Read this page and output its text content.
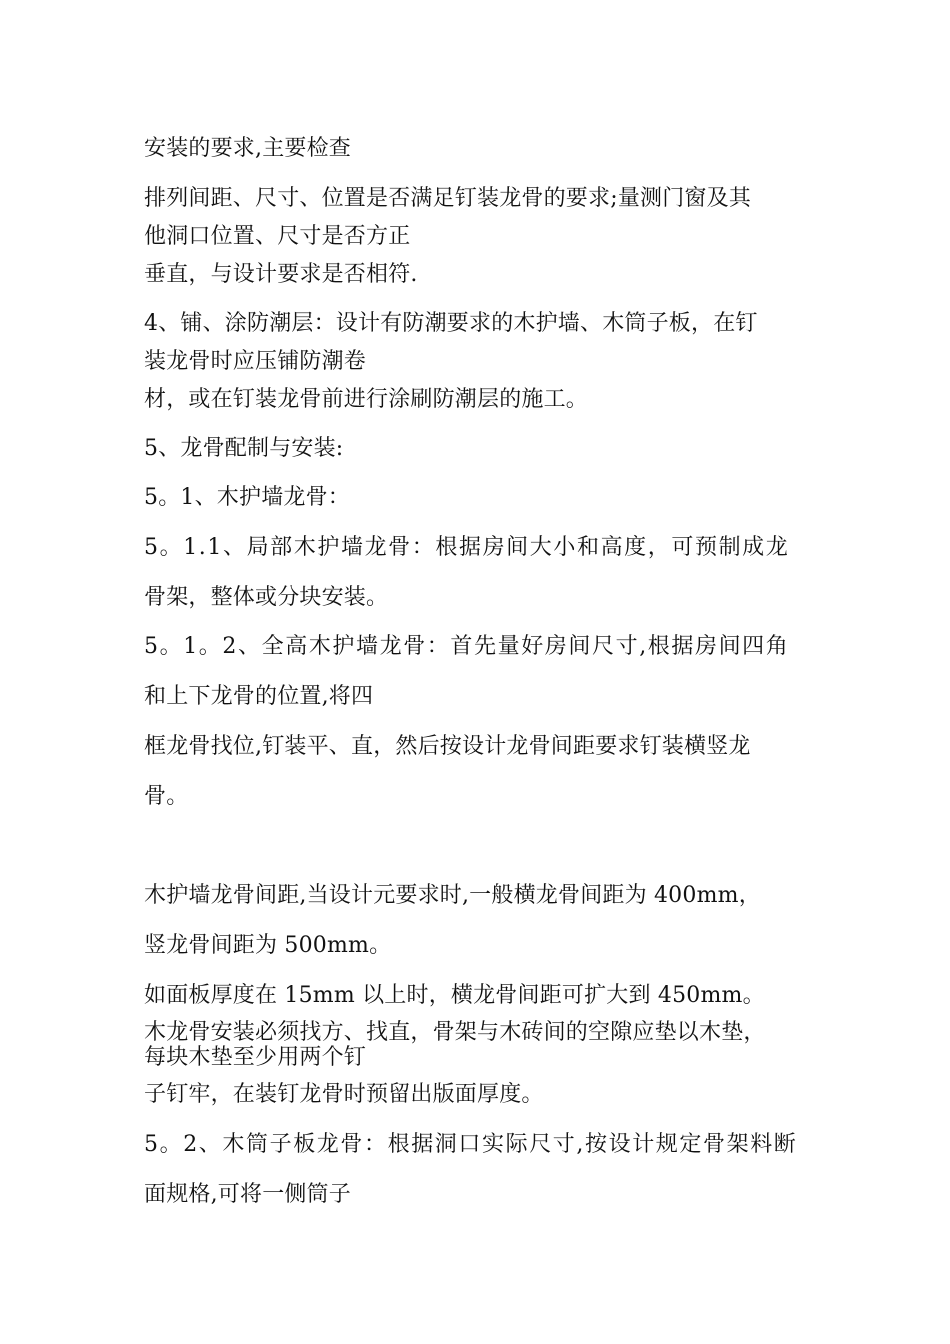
安装的要求,主要检查
排列间距、尺寸、位置是否满足钉装龙骨的要求;量测门窗及其
他洞口位置、尺寸是否方正
垂直，与设计要求是否相符.
4、铺、涂防潮层：设计有防潮要求的木护墙、木筒子板，在钉
装龙骨时应压铺防潮卷
材，或在钉装龙骨前进行涂刷防潮层的施工。
5、龙骨配制与安装:
5。1、木护墙龙骨：
5。1.1、局部木护墙龙骨：根据房间大小和高度，可预制成龙
骨架，整体或分块安装。
5。1。2、全高木护墙龙骨：首先量好房间尺寸,根据房间四角
和上下龙骨的位置,将四
框龙骨找位,钉装平、直，然后按设计龙骨间距要求钉装横竖龙
骨。
木护墙龙骨间距,当设计元要求时,一般横龙骨间距为 400mm，
竖龙骨间距为 500mm。
如面板厚度在 15mm 以上时，横龙骨间距可扩大到 450mm。
木龙骨安装必须找方、找直，骨架与木砖间的空隙应垫以木垫，
每块木垫至少用两个钉
子钉牢，在装钉龙骨时预留出版面厚度。
5。2、木筒子板龙骨：根据洞口实际尺寸,按设计规定骨架料断
面规格,可将一侧筒子
